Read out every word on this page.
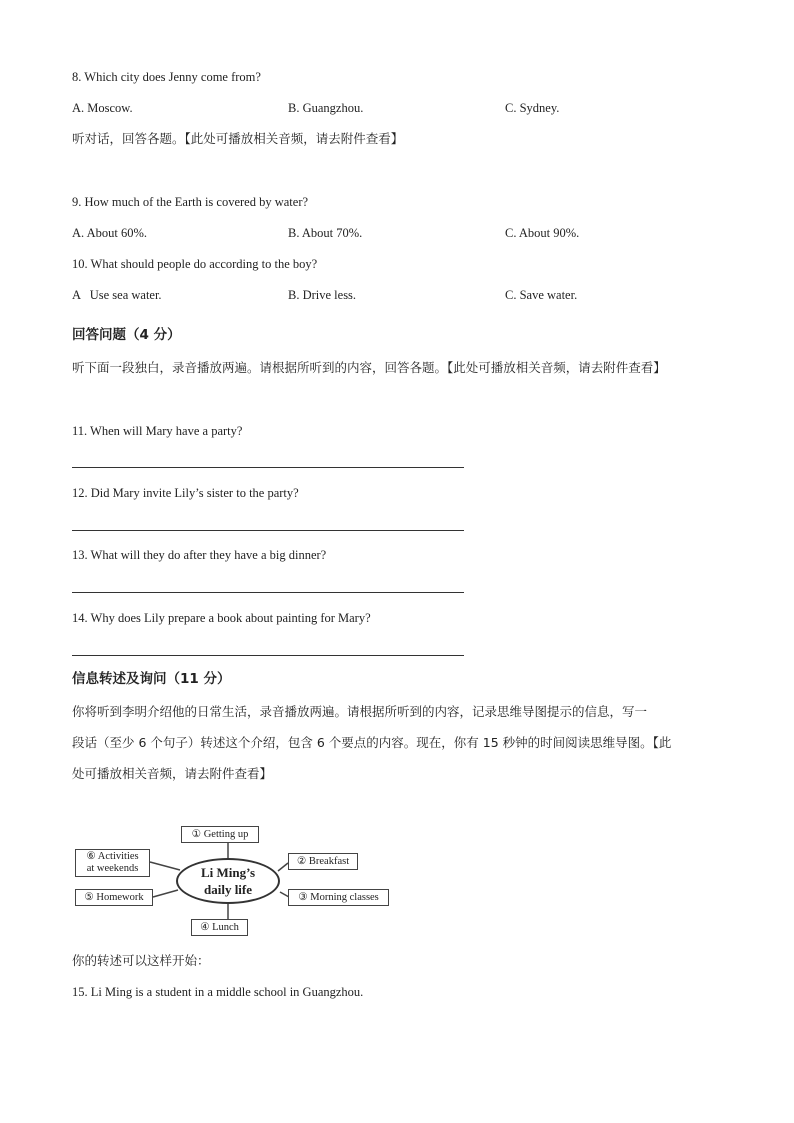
8. Which city does Jenny come from?
A. Moscow.	B. Guangzhou.	C. Sydney.
听对话，回答各题。【此处可播放相关音频，请去附件查看】
9. How much of the Earth is covered by water?
A. About 60%.	B. About 70%.	C. About 90%.
10. What should people do according to the boy?
A   Use sea water.	B. Drive less.	C. Save water.
回答问题（4 分）
听下面一段独白，录音播放两遍。请根据所听到的内容，回答各题。【此处可播放相关音频，请去附件查看】
11. When will Mary have a party?
12. Did Mary invite Lily’s sister to the party?
13. What will they do after they have a big dinner?
14. Why does Lily prepare a book about painting for Mary?
信息转述及询问（11 分）
你将听到李明介绍他的日常生活，录音播放两遍。请根据所听到的内容，记录思维导图提示的信息，写一
段话（至少 6 个句子）转述这个介绍，包含 6 个要点的内容。现在，你有 15 秒钟的时间阅读思维导图。【此
处可播放相关音频，请去附件查看】
① Getting up
② Breakfast
③ Morning classes
④ Lunch
⑤ Homework
⑥ Activities
at weekends	Li Ming’s
daily life
你的转述可以这样开始：
15. Li Ming is a student in a middle school in Guangzhou.
